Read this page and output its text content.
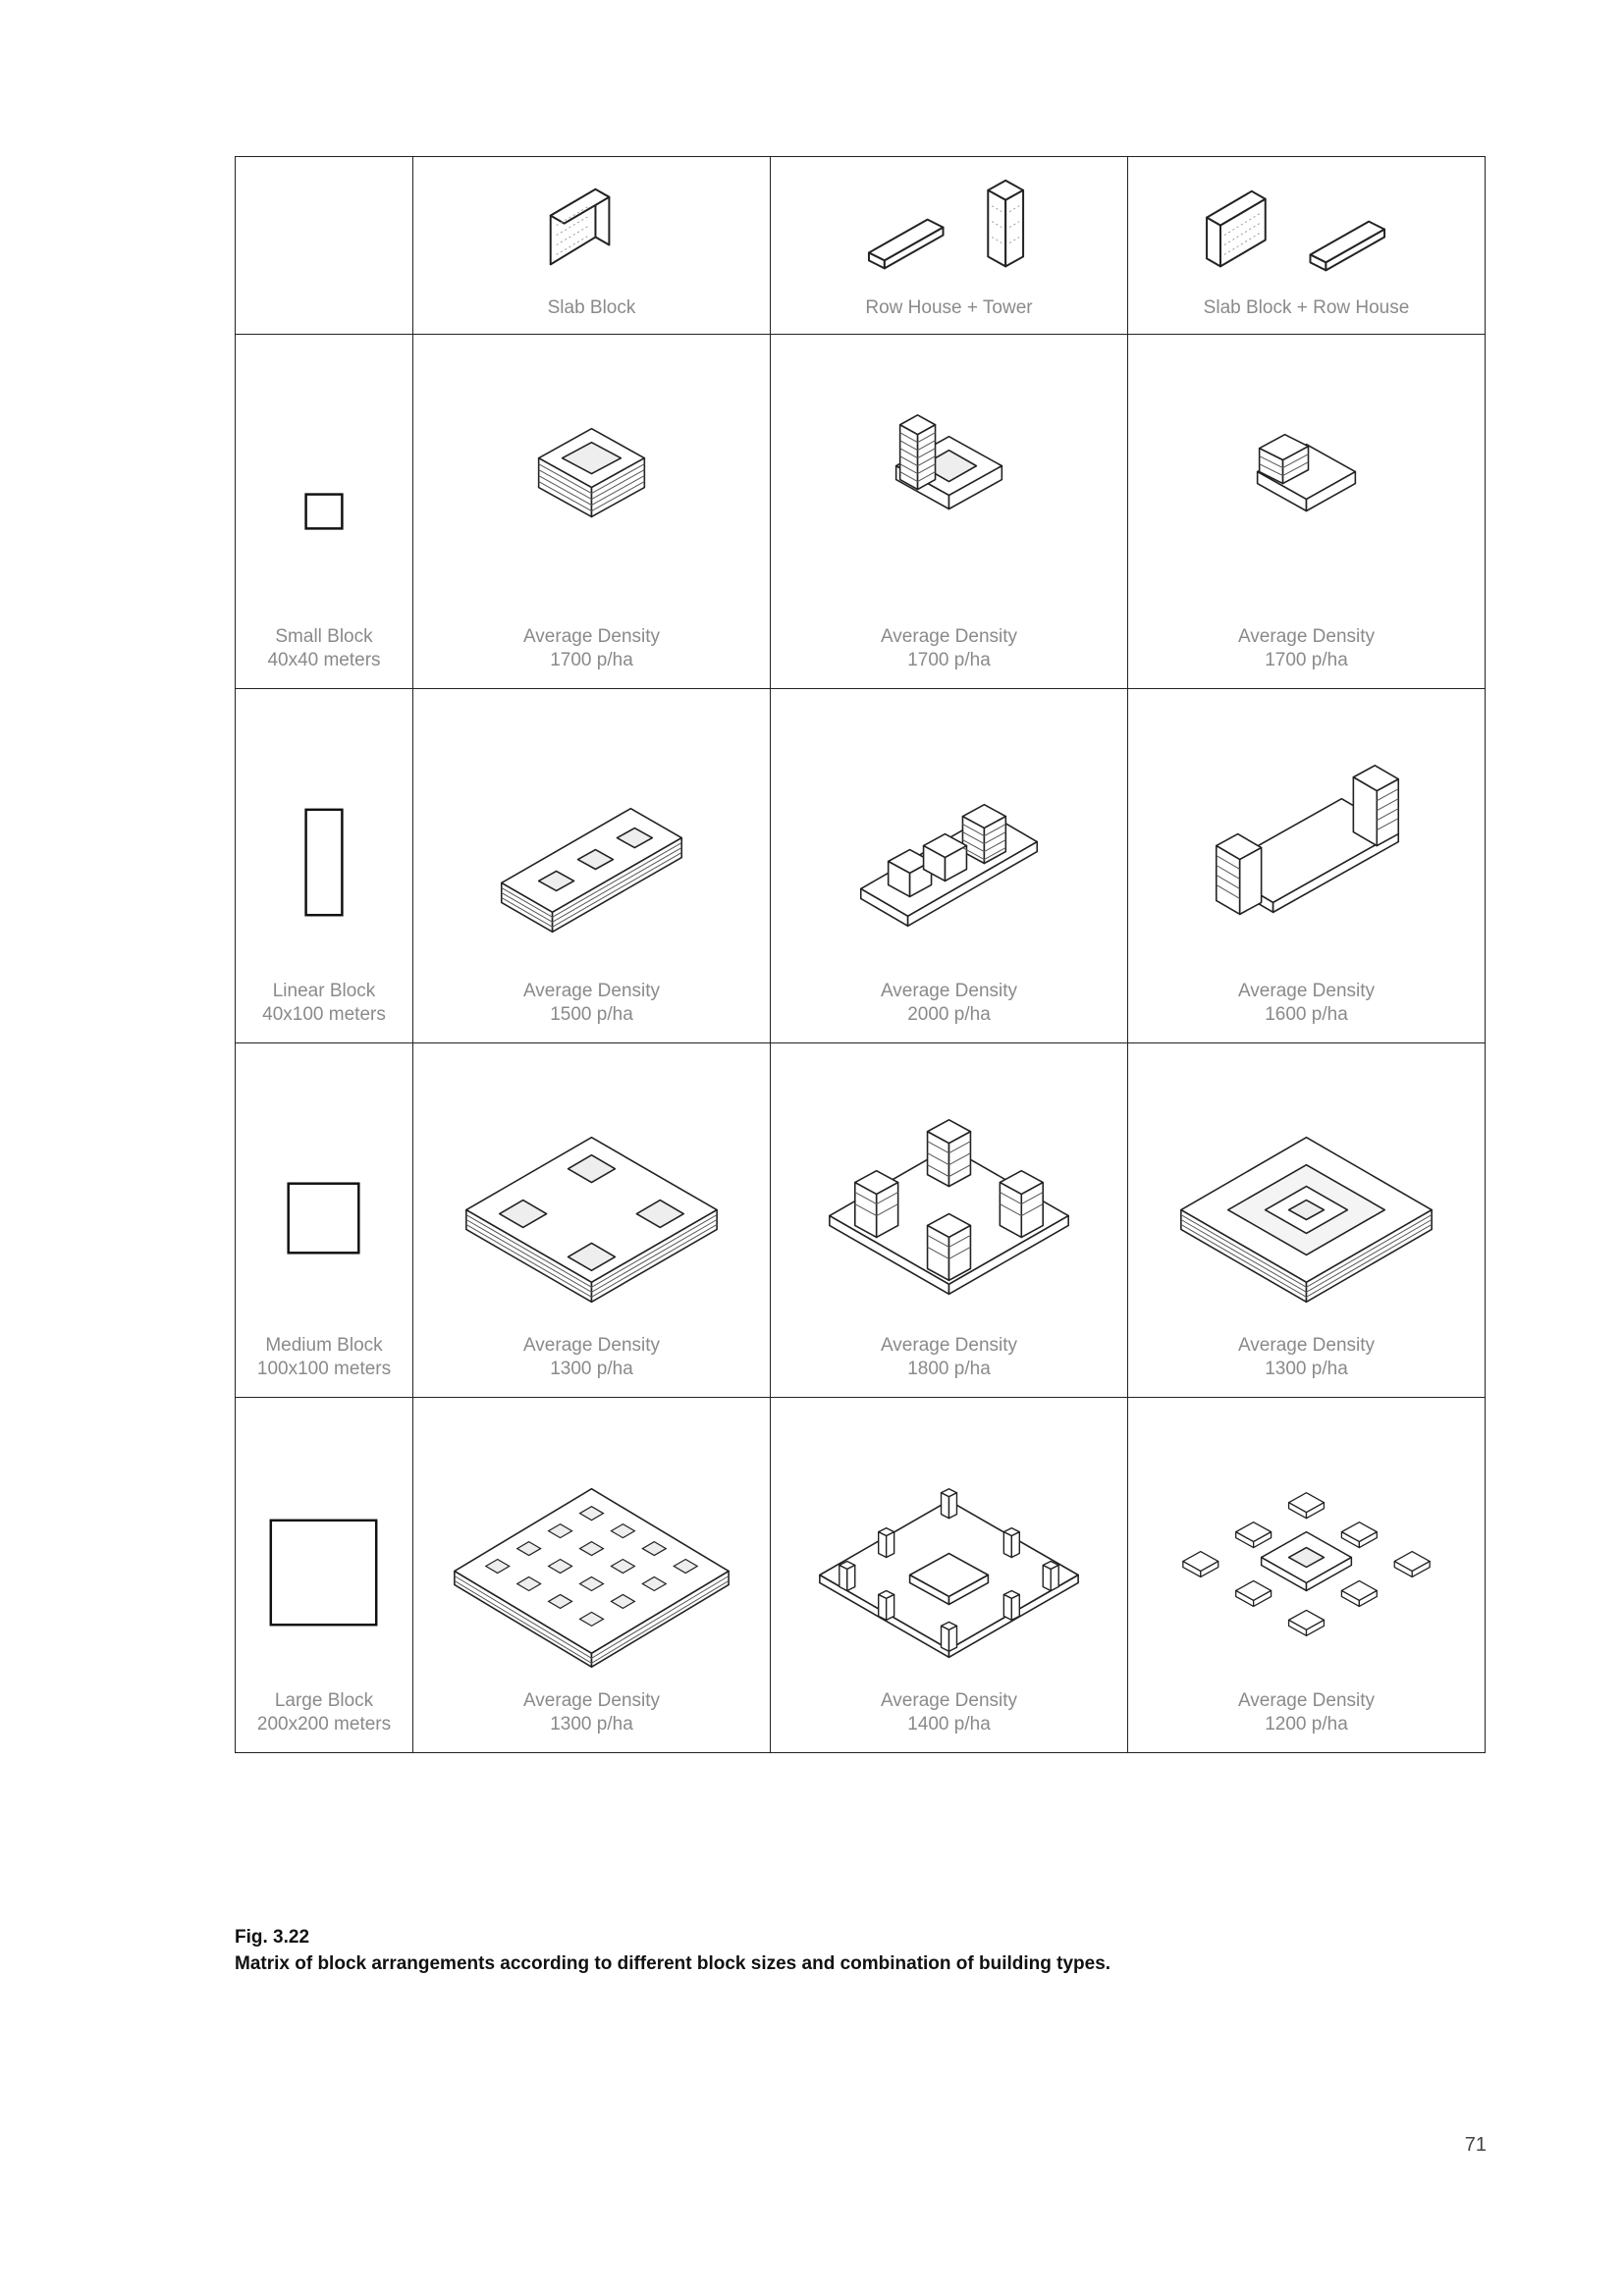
Slab Block	Row House + Tower	Slab Block + Row House
Small Block
40x40 meters
Average Density
1700 p/ha
Average Density
1700 p/ha
Average Density
1700 p/ha
Linear Block
40x100 meters
Average Density
1500 p/ha
Average Density
2000 p/ha
Average Density
1600 p/ha
Medium Block
100x100 meters
Average Density
1300 p/ha
Average Density
1800 p/ha
Average Density
1300 p/ha
Large Block
200x200 meters
Average Density
1300 p/ha
Average Density
1400 p/ha
Average Density
1200 p/ha
Fig. 3.22
Matrix of block arrangements according to different block sizes and combination of building types.
71
